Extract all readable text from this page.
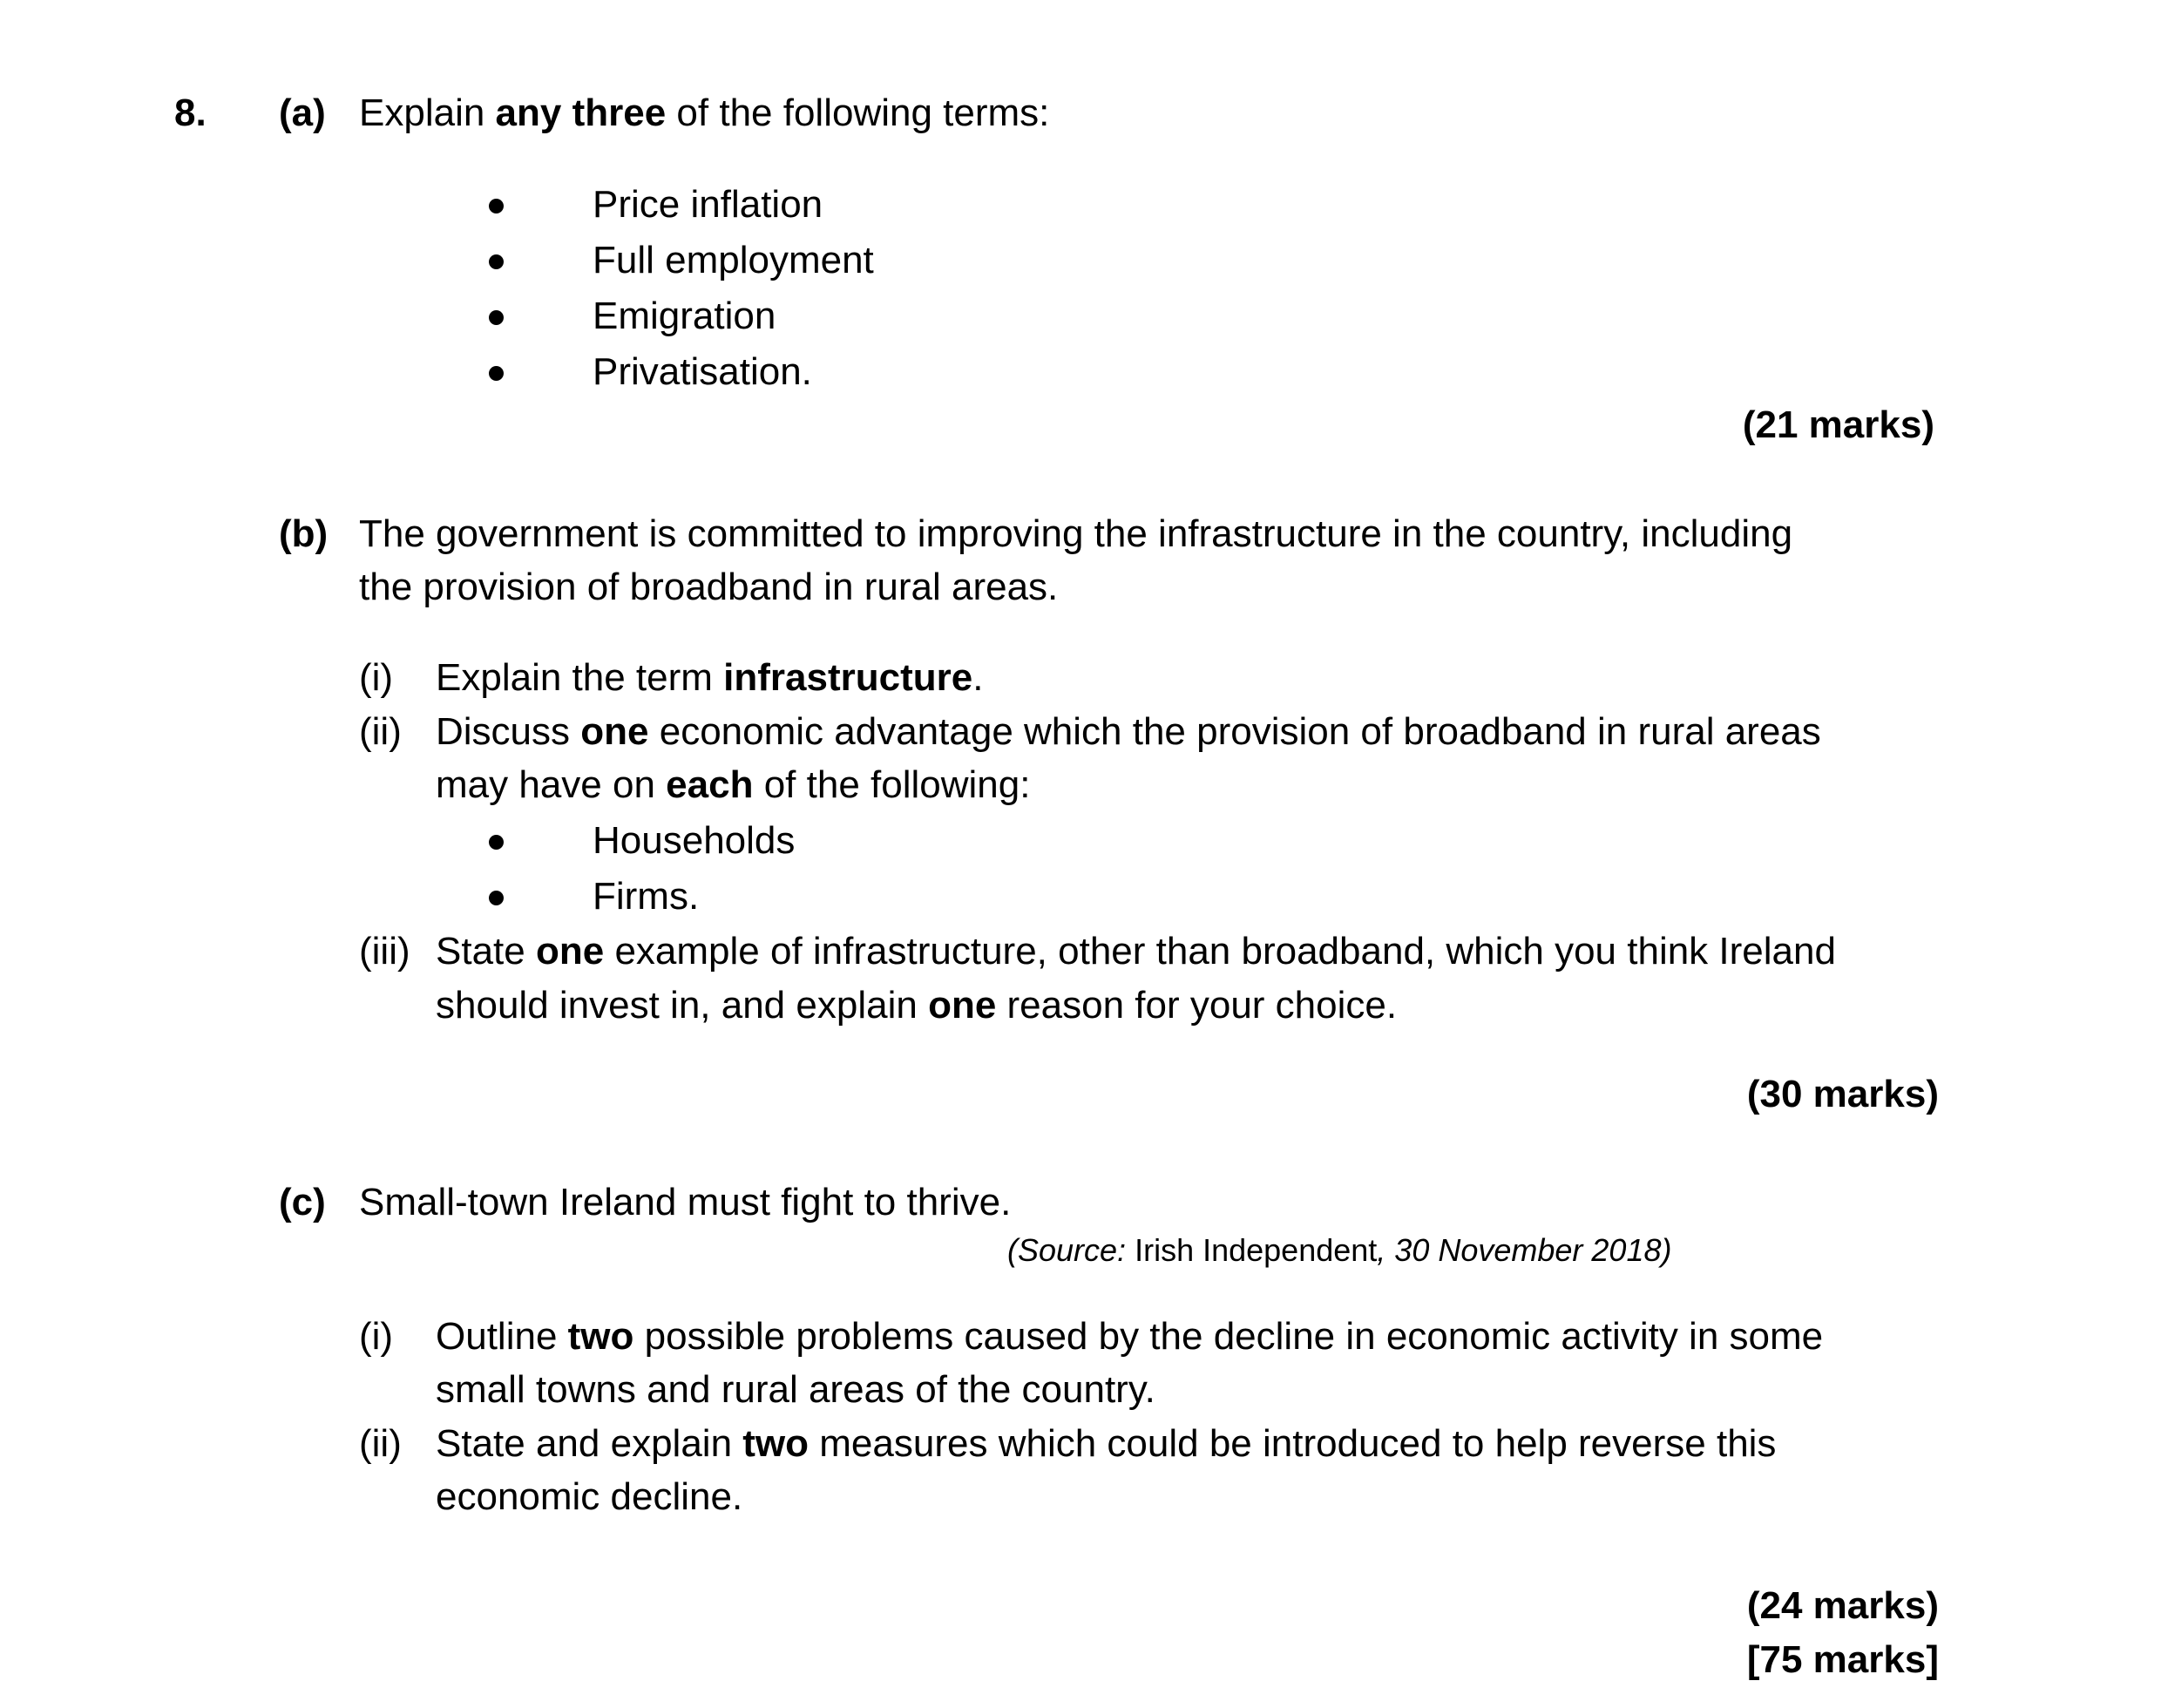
8. (a) Explain any three of the following terms:
Price inflation
Full employment
Emigration
Privatisation.
(21 marks)
(b) The government is committed to improving the infrastructure in the country, including
the provision of broadband in rural areas.
(i) Explain the term infrastructure.
(ii) Discuss one economic advantage which the provision of broadband in rural areas
may have on each of the following:
Households
Firms.
(iii) State one example of infrastructure, other than broadband, which you think Ireland
should invest in, and explain one reason for your choice.
(30 marks)
(c) Small-town Ireland must fight to thrive.
(Source: Irish Independent, 30 November 2018)
(i) Outline two possible problems caused by the decline in economic activity in some
small towns and rural areas of the country.
(ii) State and explain two measures which could be introduced to help reverse this
economic decline.
(24 marks)
[75 marks]
